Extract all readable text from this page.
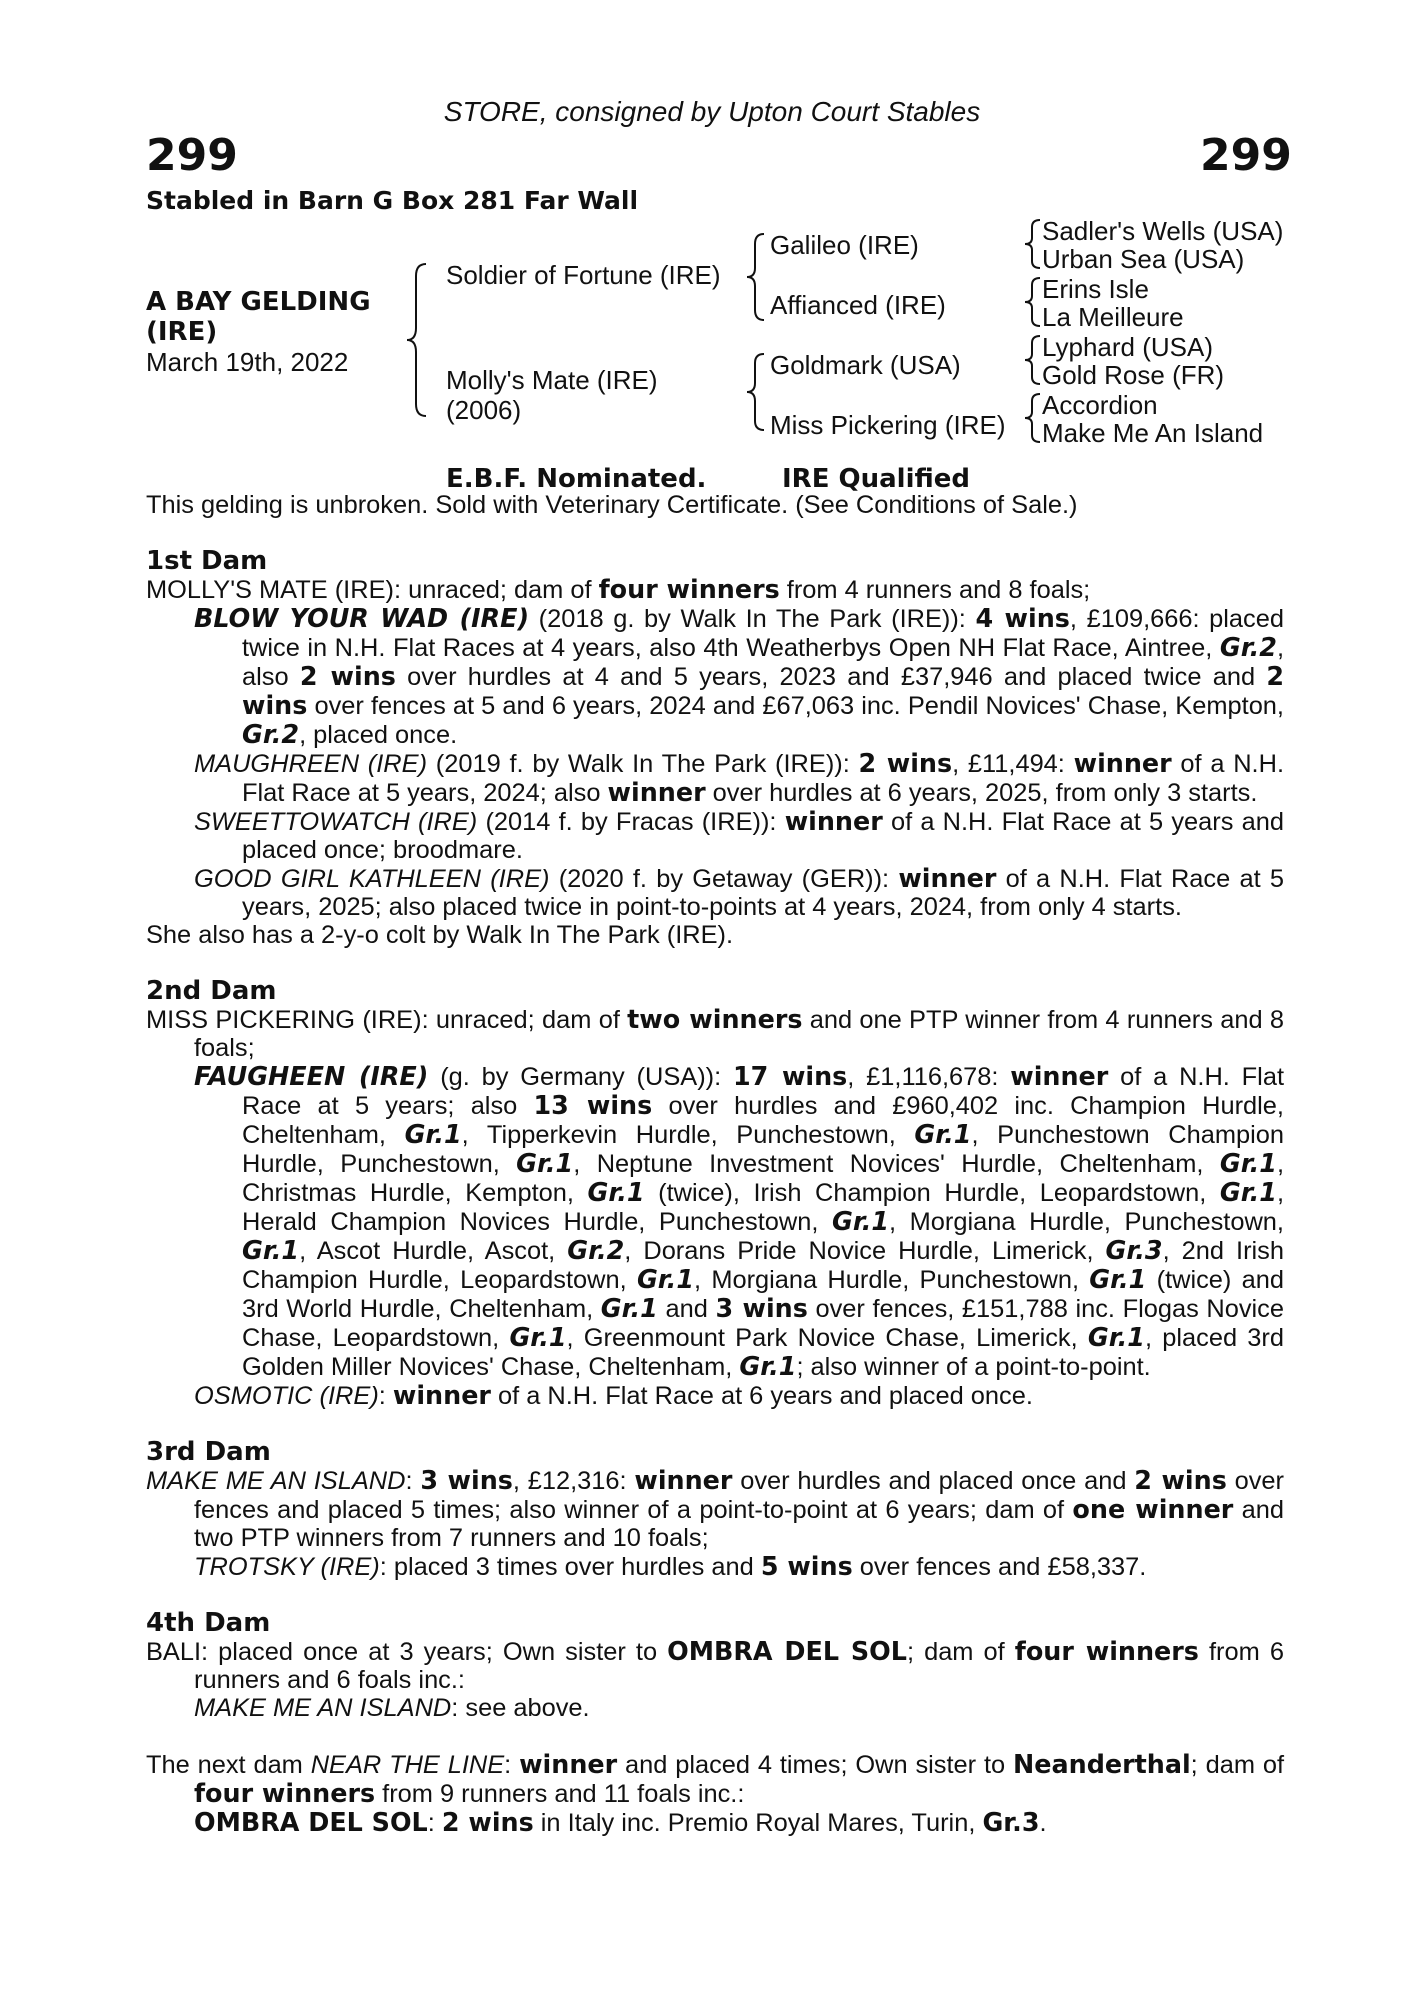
STORE, consigned by Upton Court Stables
299	299
Stabled in Barn G Box 281 Far Wall
A BAY GELDING
(IRE)
March 19th, 2022
Soldier of Fortune (IRE)
Molly's Mate (IRE)
(2006)
Galileo (IRE)
Affianced (IRE)
Goldmark (USA)
Miss Pickering (IRE)
Sadler's Wells (USA)
Urban Sea (USA)
Erins Isle
La Meilleure
Lyphard (USA)
Gold Rose (FR)
Accordion
Make Me An Island
E.B.F. Nominated.	IRE Qualified

This gelding is unbroken. Sold with Veterinary Certificate. (See Conditions of Sale.)

1st Dam

MOLLY'S MATE (IRE): unraced; dam of four winners from 4 runners and 8 foals;

BLOW YOUR WAD (IRE) (2018 g. by Walk In The Park (IRE)): 4 wins, £109,666: placed twice in N.H. Flat Races at 4 years, also 4th Weatherbys Open NH Flat Race, Aintree, Gr.2, also 2 wins over hurdles at 4 and 5 years, 2023 and £37,946 and placed twice and 2 wins over fences at 5 and 6 years, 2024 and £67,063 inc. Pendil Novices' Chase, Kempton, Gr.2, placed once.

MAUGHREEN (IRE) (2019 f. by Walk In The Park (IRE)): 2 wins, £11,494: winner of a N.H. Flat Race at 5 years, 2024; also winner over hurdles at 6 years, 2025, from only 3 starts.

SWEETTOWATCH (IRE) (2014 f. by Fracas (IRE)): winner of a N.H. Flat Race at 5 years and placed once; broodmare.

GOOD GIRL KATHLEEN (IRE) (2020 f. by Getaway (GER)): winner of a N.H. Flat Race at 5 years, 2025; also placed twice in point-to-points at 4 years, 2024, from only 4 starts.

She also has a 2-y-o colt by Walk In The Park (IRE).

2nd Dam

MISS PICKERING (IRE): unraced; dam of two winners and one PTP winner from 4 runners and 8 foals;

FAUGHEEN (IRE) (g. by Germany (USA)): 17 wins, £1,116,678: winner of a N.H. Flat Race at 5 years; also 13 wins over hurdles and £960,402 inc. Champion Hurdle, Cheltenham, Gr.1, Tipperkevin Hurdle, Punchestown, Gr.1, Punchestown Champion Hurdle, Punchestown, Gr.1, Neptune Investment Novices' Hurdle, Cheltenham, Gr.1, Christmas Hurdle, Kempton, Gr.1 (twice), Irish Champion Hurdle, Leopardstown, Gr.1, Herald Champion Novices Hurdle, Punchestown, Gr.1, Morgiana Hurdle, Punchestown, Gr.1, Ascot Hurdle, Ascot, Gr.2, Dorans Pride Novice Hurdle, Limerick, Gr.3, 2nd Irish Champion Hurdle, Leopardstown, Gr.1, Morgiana Hurdle, Punchestown, Gr.1 (twice) and 3rd World Hurdle, Cheltenham, Gr.1 and 3 wins over fences, £151,788 inc. Flogas Novice Chase, Leopardstown, Gr.1, Greenmount Park Novice Chase, Limerick, Gr.1, placed 3rd Golden Miller Novices' Chase, Cheltenham, Gr.1; also winner of a point-to-point.

OSMOTIC (IRE): winner of a N.H. Flat Race at 6 years and placed once.

3rd Dam

MAKE ME AN ISLAND: 3 wins, £12,316: winner over hurdles and placed once and 2 wins over fences and placed 5 times; also winner of a point-to-point at 6 years; dam of one winner and two PTP winners from 7 runners and 10 foals;

TROTSKY (IRE): placed 3 times over hurdles and 5 wins over fences and £58,337.

4th Dam

BALI: placed once at 3 years; Own sister to OMBRA DEL SOL; dam of four winners from 6 runners and 6 foals inc.:

MAKE ME AN ISLAND: see above.

The next dam NEAR THE LINE: winner and placed 4 times; Own sister to Neanderthal; dam of four winners from 9 runners and 11 foals inc.:

OMBRA DEL SOL: 2 wins in Italy inc. Premio Royal Mares, Turin, Gr.3.
